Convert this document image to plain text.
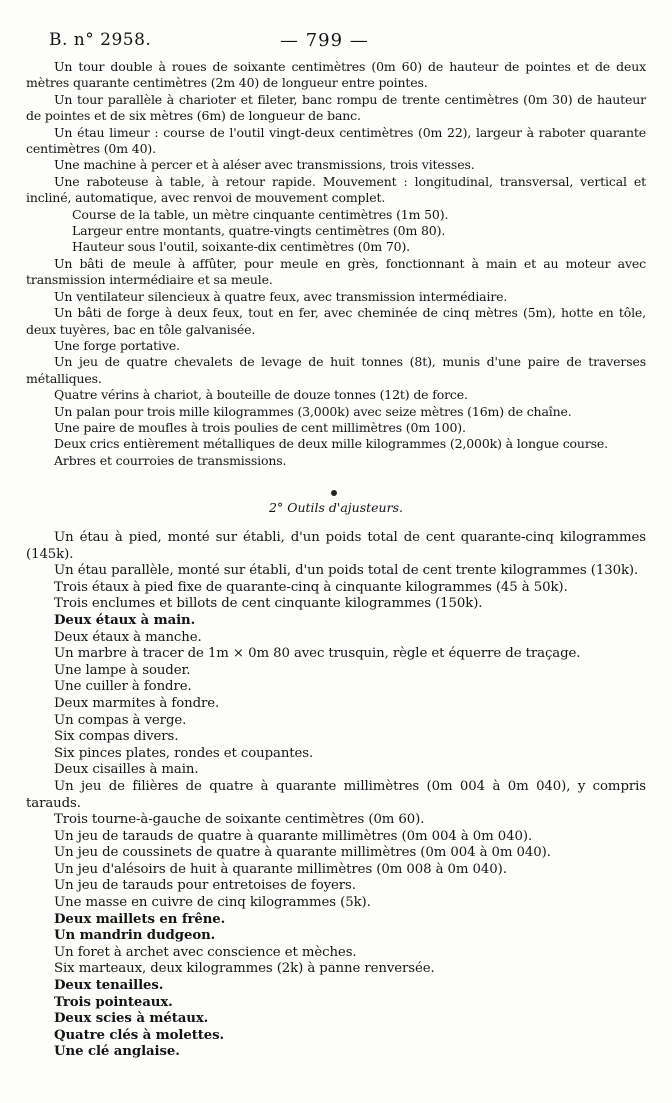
B. n° 2958.	— 799 —

Un tour double à roues de soixante centimètres (0m 60) de hauteur de pointes et de deux mètres quarante centimètres (2m 40) de longueur entre pointes.

Un tour parallèle à charioter et fileter, banc rompu de trente centimètres (0m 30) de hauteur de pointes et de six mètres (6m) de longueur de banc.

Un étau limeur : course de l'outil vingt-deux centimètres (0m 22), largeur à raboter quarante centimètres (0m 40).

Une machine à percer et à aléser avec transmissions, trois vitesses.

Une raboteuse à table, à retour rapide. Mouvement : longitudinal, transversal, vertical et incliné, automatique, avec renvoi de mouvement complet.

Course de la table, un mètre cinquante centimètres (1m 50).

Largeur entre montants, quatre-vingts centimètres (0m 80).

Hauteur sous l'outil, soixante-dix centimètres (0m 70).

Un bâti de meule à affûter, pour meule en grès, fonctionnant à main et au moteur avec transmission intermédiaire et sa meule.

Un ventilateur silencieux à quatre feux, avec transmission intermédiaire.

Un bâti de forge à deux feux, tout en fer, avec cheminée de cinq mètres (5m), hotte en tôle, deux tuyères, bac en tôle galvanisée.

Une forge portative.

Un jeu de quatre chevalets de levage de huit tonnes (8t), munis d'une paire de traverses métalliques.

Quatre vérins à chariot, à bouteille de douze tonnes (12t) de force.

Un palan pour trois mille kilogrammes (3,000k) avec seize mètres (16m) de chaîne.

Une paire de moufles à trois poulies de cent millimètres (0m 100).

Deux crics entièrement métalliques de deux mille kilogrammes (2,000k) à longue course.

Arbres et courroies de transmissions.

2° Outils d'ajusteurs.

Un étau à pied, monté sur établi, d'un poids total de cent quarante-cinq kilogrammes (145k).

Un étau parallèle, monté sur établi, d'un poids total de cent trente kilogrammes (130k).

Trois étaux à pied fixe de quarante-cinq à cinquante kilogrammes (45 à 50k).

Trois enclumes et billots de cent cinquante kilogrammes (150k).

Deux étaux à main.

Deux étaux à manche.

Un marbre à tracer de 1m × 0m 80 avec trusquin, règle et équerre de traçage.

Une lampe à souder.

Une cuiller à fondre.

Deux marmites à fondre.

Un compas à verge.

Six compas divers.

Six pinces plates, rondes et coupantes.

Deux cisailles à main.

Un jeu de filières de quatre à quarante millimètres (0m 004 à 0m 040), y compris tarauds.

Trois tourne-à-gauche de soixante centimètres (0m 60).

Un jeu de tarauds de quatre à quarante millimètres (0m 004 à 0m 040).

Un jeu de coussinets de quatre à quarante millimètres (0m 004 à 0m 040).

Un jeu d'alésoirs de huit à quarante millimètres (0m 008 à 0m 040).

Un jeu de tarauds pour entretoises de foyers.

Une masse en cuivre de cinq kilogrammes (5k).

Deux maillets en frêne.

Un mandrin dudgeon.

Un foret à archet avec conscience et mèches.

Six marteaux, deux kilogrammes (2k) à panne renversée.

Deux tenailles.

Trois pointeaux.

Deux scies à métaux.

Quatre clés à molettes.

Une clé anglaise.
